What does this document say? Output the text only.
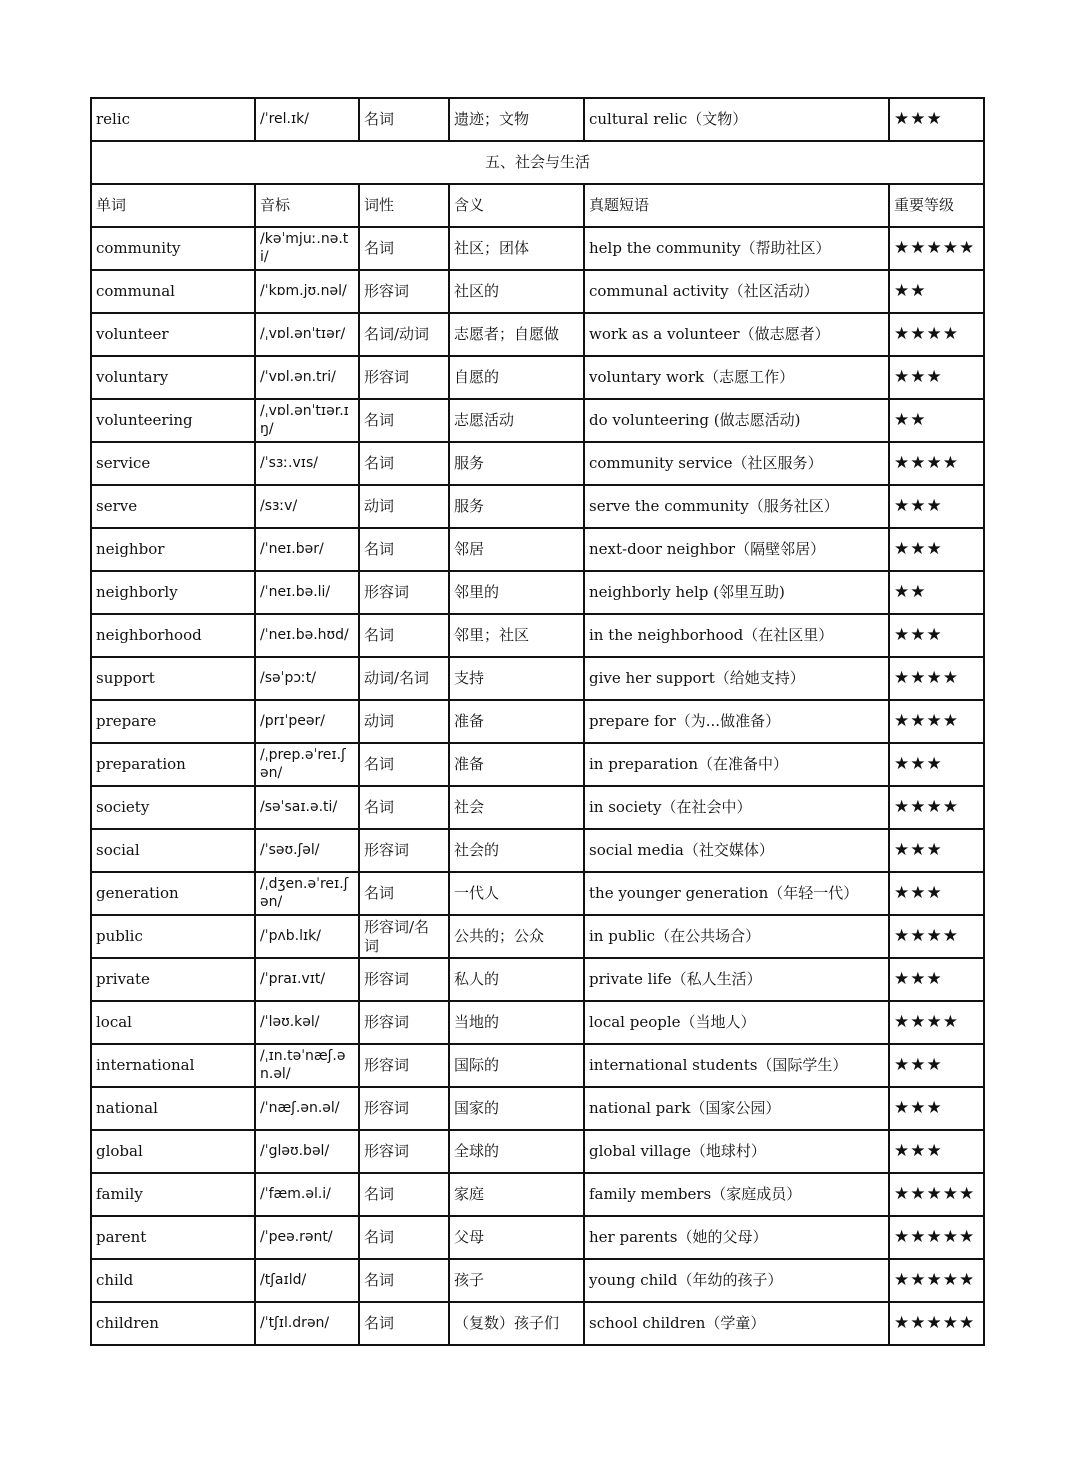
relic	/ˈrel.ɪk/	名词	遗迹；文物	cultural relic（文物）	★★★
五、社会与生活					
单词	音标	词性	含义	真题短语	重要等级
community	/kəˈmjuː.nə.ti/	名词	社区；团体	help the community（帮助社区）	★★★★★
communal	/ˈkɒm.jʊ.nəl/	形容词	社区的	communal activity（社区活动）	★★
volunteer	/ˌvɒl.ənˈtɪər/	名词/动词	志愿者；自愿做	work as a volunteer（做志愿者）	★★★★
voluntary	/ˈvɒl.ən.tri/	形容词	自愿的	voluntary work（志愿工作）	★★★
volunteering	/ˌvɒl.ənˈtɪər.ɪŋ/	名词	志愿活动	do volunteering (做志愿活动)	★★
service	/ˈsɜː.vɪs/	名词	服务	community service（社区服务）	★★★★
serve	/sɜːv/	动词	服务	serve the community（服务社区）	★★★
neighbor	/ˈneɪ.bər/	名词	邻居	next-door neighbor（隔壁邻居）	★★★
neighborly	/ˈneɪ.bə.li/	形容词	邻里的	neighborly help (邻里互助)	★★
neighborhood	/ˈneɪ.bə.hʊd/	名词	邻里；社区	in the neighborhood（在社区里）	★★★
support	/səˈpɔːt/	动词/名词	支持	give her support（给她支持）	★★★★
prepare	/prɪˈpeər/	动词	准备	prepare for（为...做准备）	★★★★
preparation	/ˌprep.əˈreɪ.ʃən/	名词	准备	in preparation（在准备中）	★★★
society	/səˈsaɪ.ə.ti/	名词	社会	in society（在社会中）	★★★★
social	/ˈsəʊ.ʃəl/	形容词	社会的	social media（社交媒体）	★★★
generation	/ˌdʒen.əˈreɪ.ʃən/	名词	一代人	the younger generation（年轻一代）	★★★
public	/ˈpʌb.lɪk/	形容词/名词	公共的；公众	in public（在公共场合）	★★★★
private	/ˈpraɪ.vɪt/	形容词	私人的	private life（私人生活）	★★★
local	/ˈləʊ.kəl/	形容词	当地的	local people（当地人）	★★★★
international	/ˌɪn.təˈnæʃ.ən.əl/	形容词	国际的	international students（国际学生）	★★★
national	/ˈnæʃ.ən.əl/	形容词	国家的	national park（国家公园）	★★★
global	/ˈgləʊ.bəl/	形容词	全球的	global village（地球村）	★★★
family	/ˈfæm.əl.i/	名词	家庭	family members（家庭成员）	★★★★★
parent	/ˈpeə.rənt/	名词	父母	her parents（她的父母）	★★★★★
child	/tʃaɪld/	名词	孩子	young child（年幼的孩子）	★★★★★
children	/ˈtʃɪl.drən/	名词	（复数）孩子们	school children（学童）	★★★★★
